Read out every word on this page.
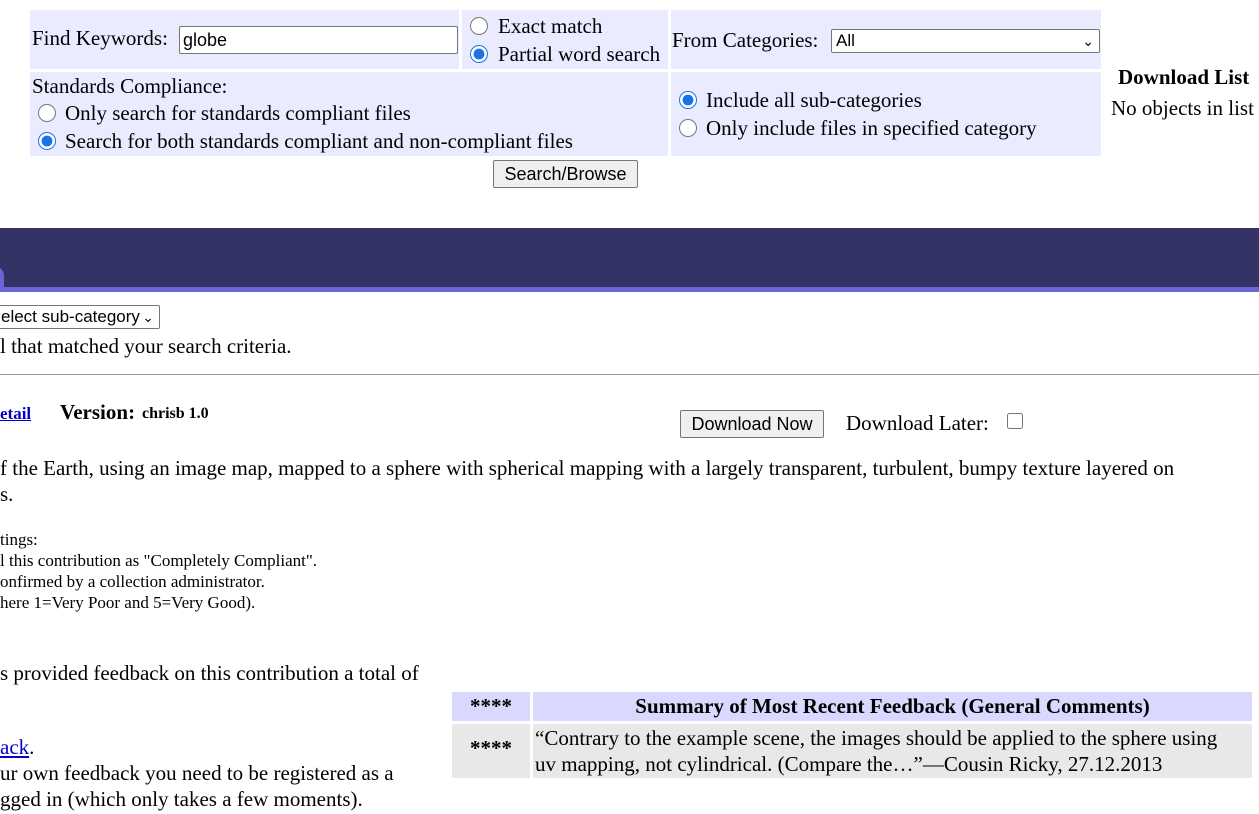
Find Keywords: globe
Exact match
Partial word search
From Categories: All	⌄
Standards Compliance:
Only search for standards compliant files
Search for both standards compliant and non-compliant files
Include all sub-categories
Only include files in specified category
Search/Browse
Download List
No objects in list
elect sub-category ⌄
l that matched your search criteria.
etail Version: chrisb 1.0	Download Now	Download Later:
f the Earth, using an image map, mapped to a sphere with spherical mapping with a largely transparent, turbulent, bumpy texture layered on
s.
tings:
l this contribution as "Completely Compliant".
onfirmed by a collection administrator.
here 1=Very Poor and 5=Very Good).
s provided feedback on this contribution a total of
ack.
ur own feedback you need to be registered as a
gged in (which only takes a few moments).
****	Summary of Most Recent Feedback (General Comments)
****	“Contrary to the example scene, the images should be applied to the sphere using
uv mapping, not cylindrical. (Compare the…”—Cousin Ricky, 27.12.2013
